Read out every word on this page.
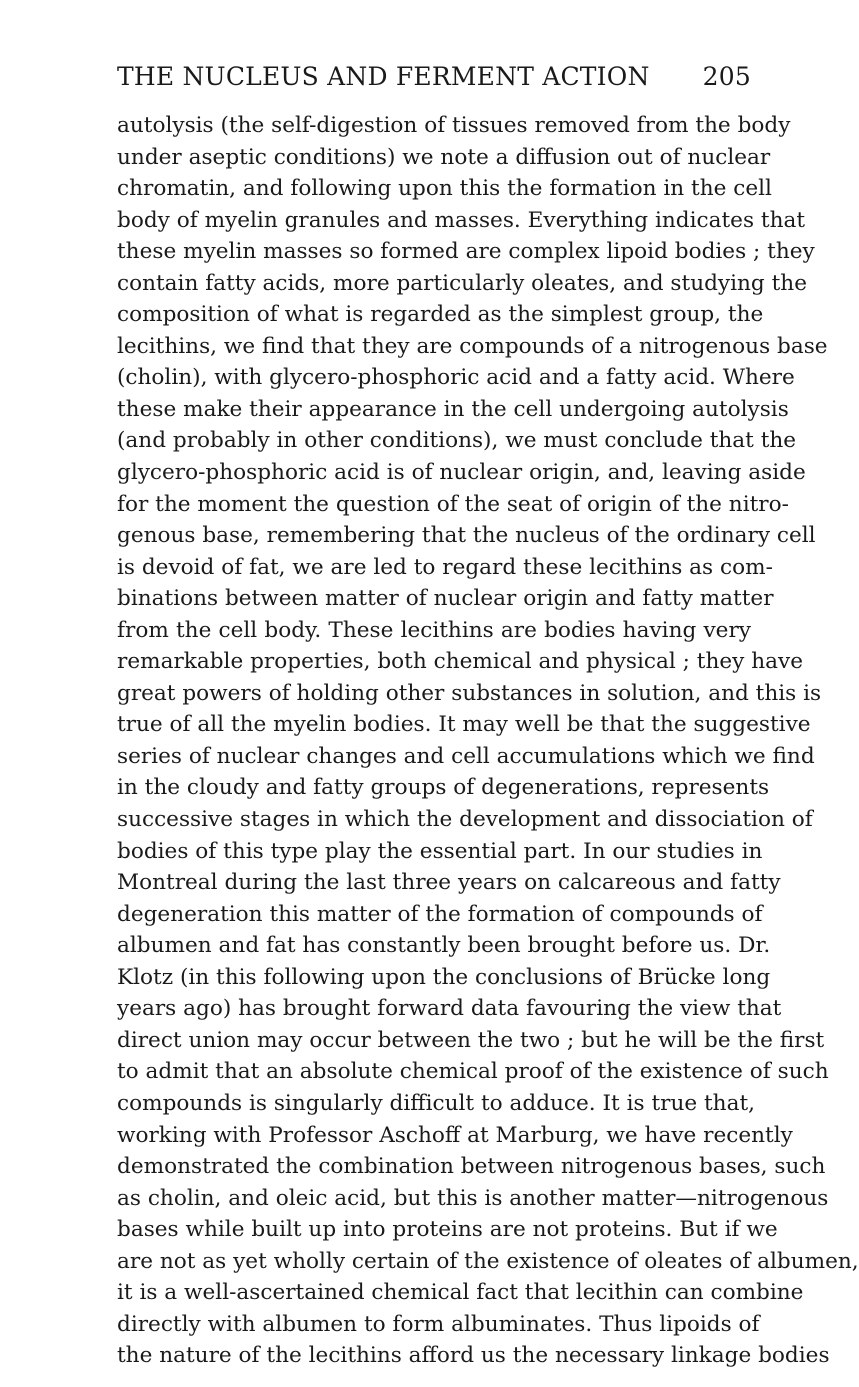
THE NUCLEUS AND FERMENT ACTION 205
autolysis (the self-digestion of tissues removed from the body
under aseptic conditions) we note a diffusion out of nuclear
chromatin, and following upon this the formation in the cell
body of myelin granules and masses. Everything indicates that
these myelin masses so formed are complex lipoid bodies ; they
contain fatty acids, more particularly oleates, and studying the
composition of what is regarded as the simplest group, the
lecithins, we find that they are compounds of a nitrogenous base
(cholin), with glycero-phosphoric acid and a fatty acid. Where
these make their appearance in the cell undergoing autolysis
(and probably in other conditions), we must conclude that the
glycero-phosphoric acid is of nuclear origin, and, leaving aside
for the moment the question of the seat of origin of the nitro-
genous base, remembering that the nucleus of the ordinary cell
is devoid of fat, we are led to regard these lecithins as com-
binations between matter of nuclear origin and fatty matter
from the cell body. These lecithins are bodies having very
remarkable properties, both chemical and physical ; they have
great powers of holding other substances in solution, and this is
true of all the myelin bodies. It may well be that the suggestive
series of nuclear changes and cell accumulations which we find
in the cloudy and fatty groups of degenerations, represents
successive stages in which the development and dissociation of
bodies of this type play the essential part. In our studies in
Montreal during the last three years on calcareous and fatty
degeneration this matter of the formation of compounds of
albumen and fat has constantly been brought before us. Dr.
Klotz (in this following upon the conclusions of Brücke long
years ago) has brought forward data favouring the view that
direct union may occur between the two ; but he will be the first
to admit that an absolute chemical proof of the existence of such
compounds is singularly difficult to adduce. It is true that,
working with Professor Aschoff at Marburg, we have recently
demonstrated the combination between nitrogenous bases, such
as cholin, and oleic acid, but this is another matter—nitrogenous
bases while built up into proteins are not proteins. But if we
are not as yet wholly certain of the existence of oleates of albumen,
it is a well-ascertained chemical fact that lecithin can combine
directly with albumen to form albuminates. Thus lipoids of
the nature of the lecithins afford us the necessary linkage bodies
